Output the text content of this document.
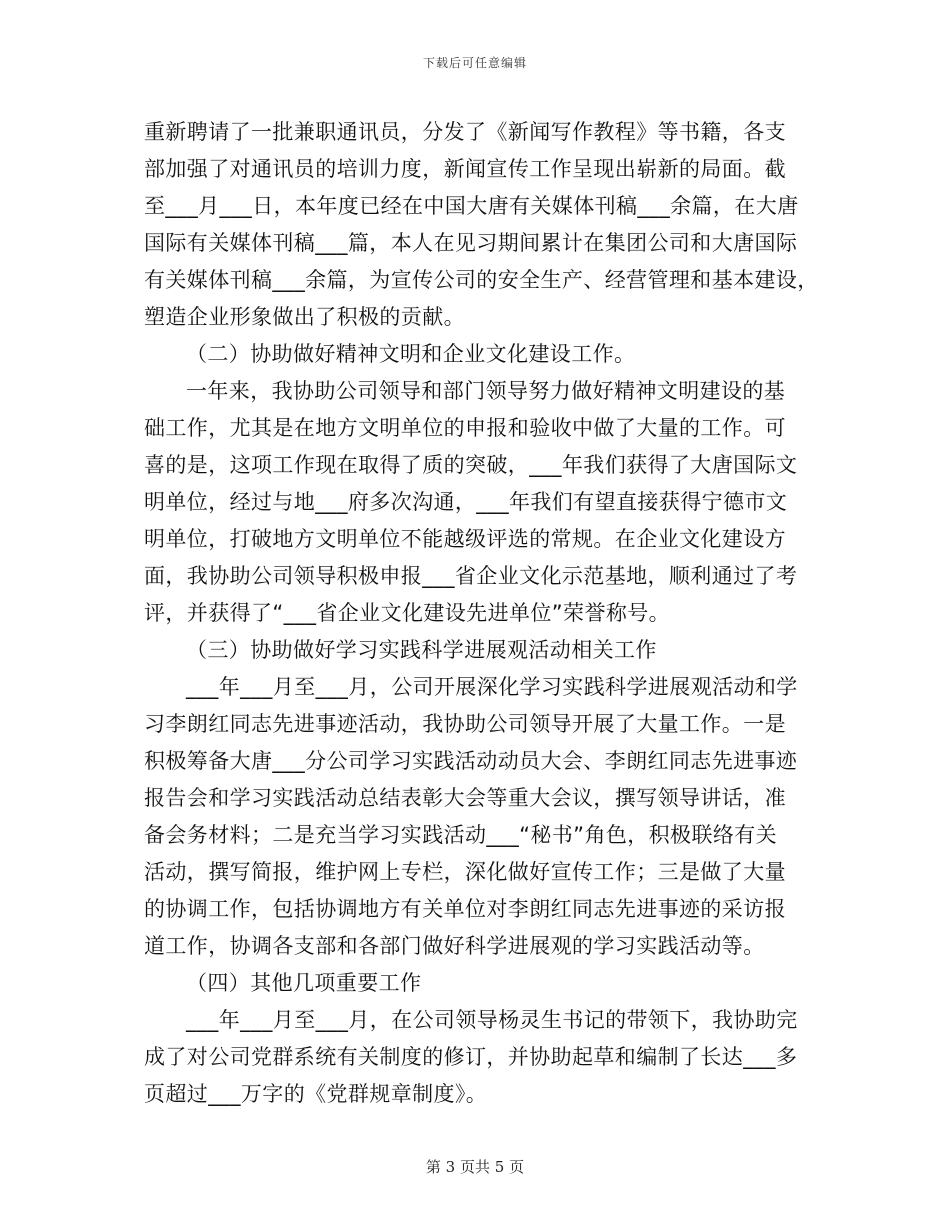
下载后可任意编辑
重新聘请了一批兼职通讯员，分发了《新闻写作教程》等书籍，各支
部加强了对通讯员的培训力度，新闻宣传工作呈现出崭新的局面。截
至___月___日，本年度已经在中国大唐有关媒体刊稿___余篇，在大唐
国际有关媒体刊稿___篇，本人在见习期间累计在集团公司和大唐国际
有关媒体刊稿___余篇，为宣传公司的安全生产、经营管理和基本建设，
塑造企业形象做出了积极的贡献。
（二）协助做好精神文明和企业文化建设工作。
一年来，我协助公司领导和部门领导努力做好精神文明建设的基
础工作，尤其是在地方文明单位的申报和验收中做了大量的工作。可
喜的是，这项工作现在取得了质的突破，___年我们获得了大唐国际文
明单位，经过与地___府多次沟通，___年我们有望直接获得宁德市文
明单位，打破地方文明单位不能越级评选的常规。在企业文化建设方
面，我协助公司领导积极申报___省企业文化示范基地，顺利通过了考
评，并获得了“___省企业文化建设先进单位”荣誉称号。
（三）协助做好学习实践科学进展观活动相关工作
___年___月至___月，公司开展深化学习实践科学进展观活动和学
习李朗红同志先进事迹活动，我协助公司领导开展了大量工作。一是
积极筹备大唐___分公司学习实践活动动员大会、李朗红同志先进事迹
报告会和学习实践活动总结表彰大会等重大会议，撰写领导讲话，准
备会务材料；二是充当学习实践活动___“秘书”角色，积极联络有关
活动，撰写简报，维护网上专栏，深化做好宣传工作；三是做了大量
的协调工作，包括协调地方有关单位对李朗红同志先进事迹的采访报
道工作，协调各支部和各部门做好科学进展观的学习实践活动等。
（四）其他几项重要工作
___年___月至___月，在公司领导杨灵生书记的带领下，我协助完
成了对公司党群系统有关制度的修订，并协助起草和编制了长达___多
页超过___万字的《党群规章制度》。
第 3 页共 5 页
